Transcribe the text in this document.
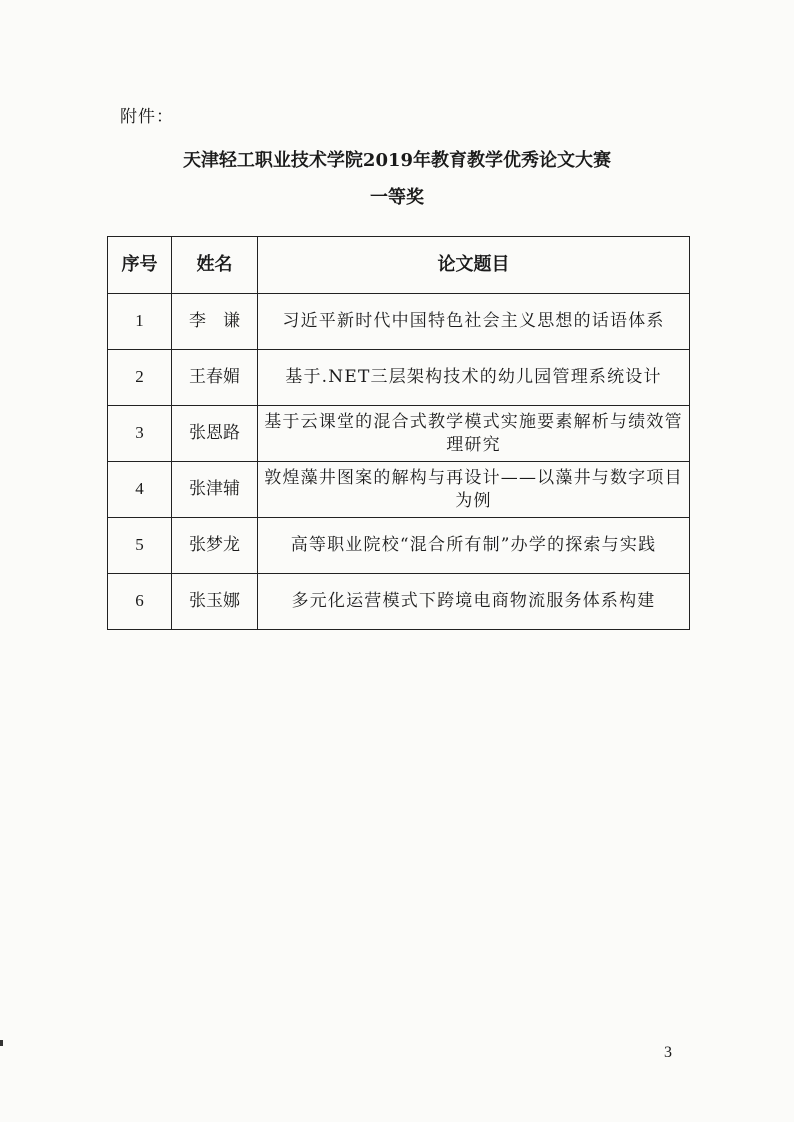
附件：
天津轻工职业技术学院2019年教育教学优秀论文大赛
一等奖
序号	姓名	论文题目
1	李　谦	习近平新时代中国特色社会主义思想的话语体系
2	王春媚	基于.NET三层架构技术的幼儿园管理系统设计
3	张恩路	基于云课堂的混合式教学模式实施要素解析与绩效管理研究
4	张津辅	敦煌藻井图案的解构与再设计——以藻井与数字项目为例
5	张梦龙	高等职业院校“混合所有制”办学的探索与实践
6	张玉娜	多元化运营模式下跨境电商物流服务体系构建
3
